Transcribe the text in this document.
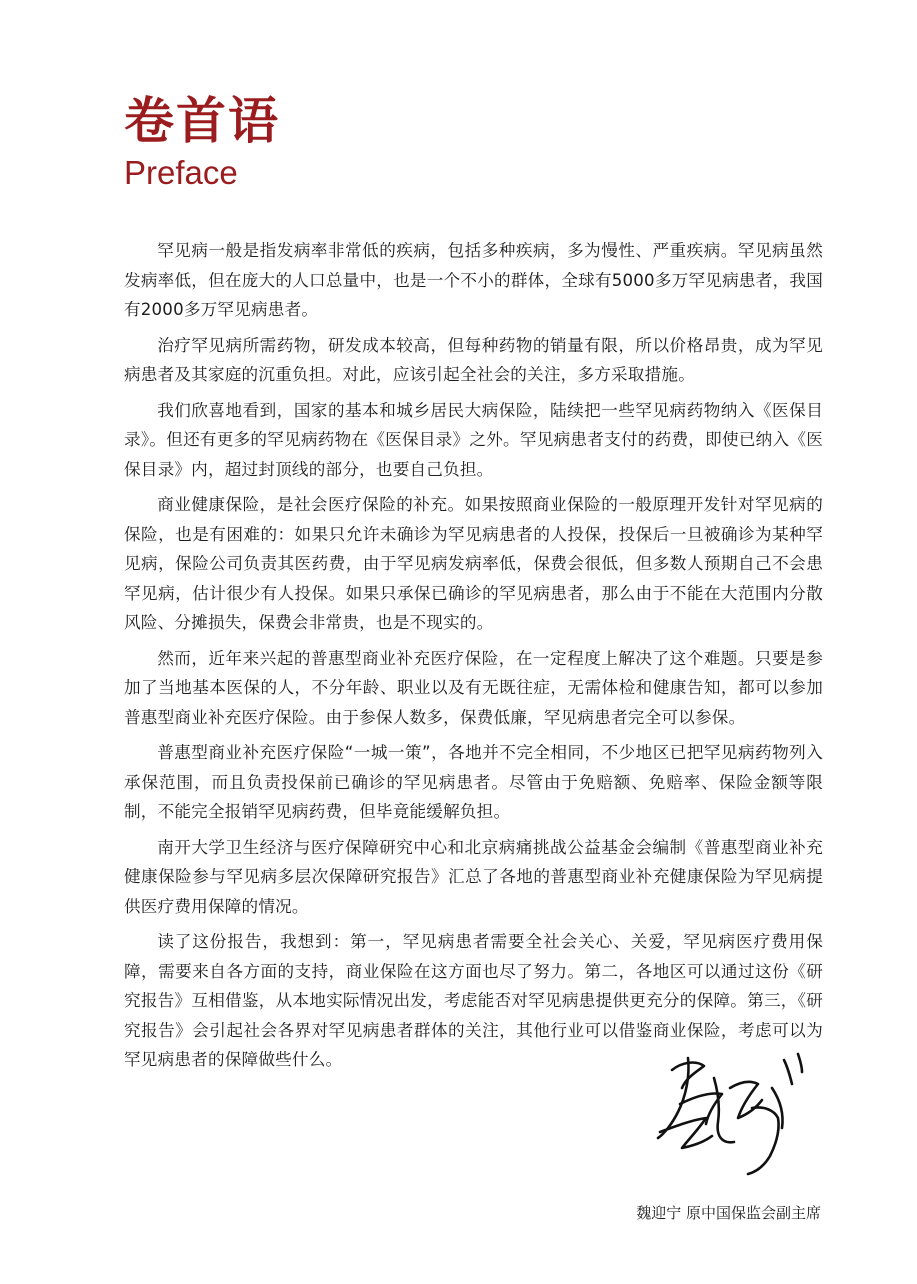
卷首语
Preface

罕见病一般是指发病率非常低的疾病，包括多种疾病，多为慢性、严重疾病。罕见病虽然发病率低，但在庞大的人口总量中，也是一个不小的群体，全球有5000多万罕见病患者，我国有2000多万罕见病患者。

治疗罕见病所需药物，研发成本较高，但每种药物的销量有限，所以价格昂贵，成为罕见病患者及其家庭的沉重负担。对此，应该引起全社会的关注，多方采取措施。

我们欣喜地看到，国家的基本和城乡居民大病保险，陆续把一些罕见病药物纳入《医保目录》。但还有更多的罕见病药物在《医保目录》之外。罕见病患者支付的药费，即使已纳入《医保目录》内，超过封顶线的部分，也要自己负担。

商业健康保险，是社会医疗保险的补充。如果按照商业保险的一般原理开发针对罕见病的保险，也是有困难的：如果只允许未确诊为罕见病患者的人投保，投保后一旦被确诊为某种罕见病，保险公司负责其医药费，由于罕见病发病率低，保费会很低，但多数人预期自己不会患罕见病，估计很少有人投保。如果只承保已确诊的罕见病患者，那么由于不能在大范围内分散风险、分摊损失，保费会非常贵，也是不现实的。

然而，近年来兴起的普惠型商业补充医疗保险，在一定程度上解决了这个难题。只要是参加了当地基本医保的人，不分年龄、职业以及有无既往症，无需体检和健康告知，都可以参加普惠型商业补充医疗保险。由于参保人数多，保费低廉，罕见病患者完全可以参保。

普惠型商业补充医疗保险“一城一策”，各地并不完全相同，不少地区已把罕见病药物列入承保范围，而且负责投保前已确诊的罕见病患者。尽管由于免赔额、免赔率、保险金额等限制，不能完全报销罕见病药费，但毕竟能缓解负担。

南开大学卫生经济与医疗保障研究中心和北京病痛挑战公益基金会编制《普惠型商业补充健康保险参与罕见病多层次保障研究报告》汇总了各地的普惠型商业补充健康保险为罕见病提供医疗费用保障的情况。

读了这份报告，我想到：第一，罕见病患者需要全社会关心、关爱，罕见病医疗费用保障，需要来自各方面的支持，商业保险在这方面也尽了努力。第二，各地区可以通过这份《研究报告》互相借鉴，从本地实际情况出发，考虑能否对罕见病患提供更充分的保障。第三，《研究报告》会引起社会各界对罕见病患者群体的关注，其他行业可以借鉴商业保险，考虑可以为罕见病患者的保障做些什么。

魏迎宁 原中国保监会副主席
